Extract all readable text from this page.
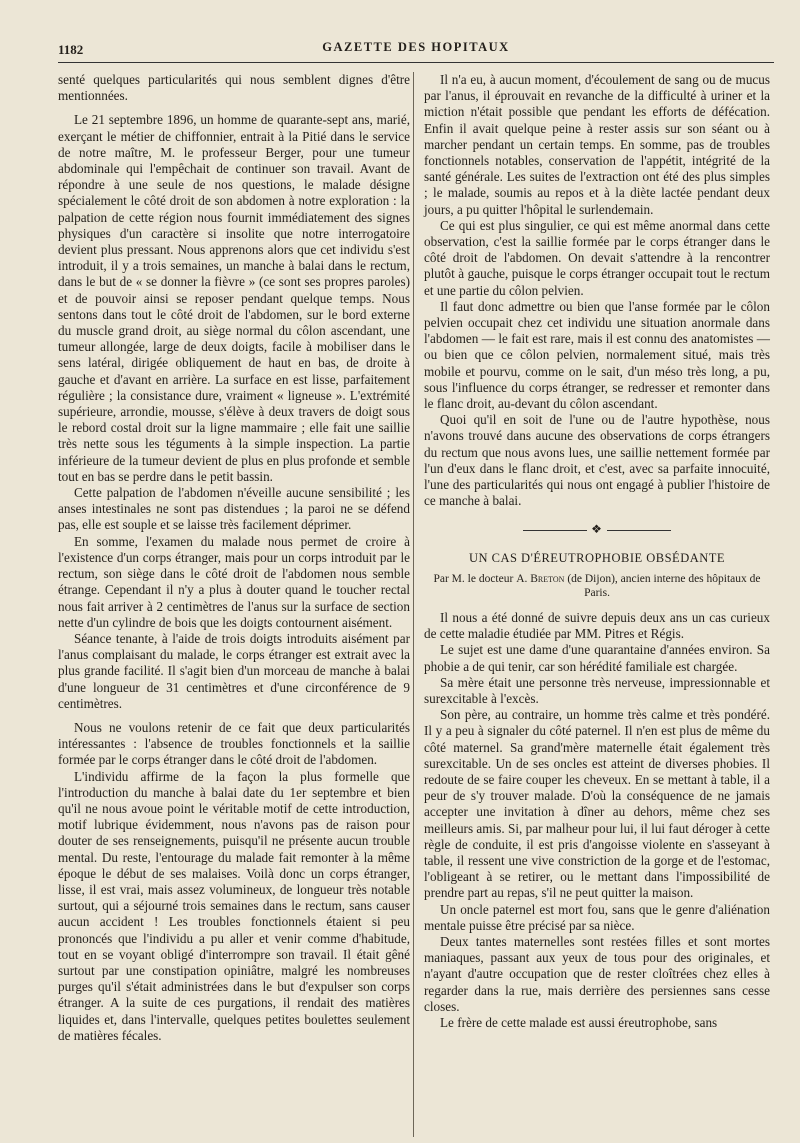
1182	GAZETTE DES HOPITAUX

senté quelques particularités qui nous semblent dignes d'être mentionnées.

Le 21 septembre 1896, un homme de quarante-sept ans, marié, exerçant le métier de chiffonnier, entrait à la Pitié dans le service de notre maître, M. le professeur Berger, pour une tumeur abdominale qui l'empêchait de continuer son travail. Avant de répondre à une seule de nos questions, le malade désigne spécialement le côté droit de son abdomen à notre exploration : la palpation de cette région nous fournit immédiatement des signes physiques d'un caractère si insolite que notre interrogatoire devient plus pressant. Nous apprenons alors que cet individu s'est introduit, il y a trois semaines, un manche à balai dans le rectum, dans le but de « se donner la fièvre » (ce sont ses propres paroles) et de pouvoir ainsi se reposer pendant quelque temps. Nous sentons dans tout le côté droit de l'abdomen, sur le bord externe du muscle grand droit, au siège normal du côlon ascendant, une tumeur allongée, large de deux doigts, facile à mobiliser dans le sens latéral, dirigée obliquement de haut en bas, de droite à gauche et d'avant en arrière. La surface en est lisse, parfaitement régulière ; la consistance dure, vraiment « ligneuse ». L'extrémité supérieure, arrondie, mousse, s'élève à deux travers de doigt sous le rebord costal droit sur la ligne mammaire ; elle fait une saillie très nette sous les téguments à la simple inspection. La partie inférieure de la tumeur devient de plus en plus profonde et semble tout en bas se perdre dans le petit bassin.

Cette palpation de l'abdomen n'éveille aucune sensibilité ; les anses intestinales ne sont pas distendues ; la paroi ne se défend pas, elle est souple et se laisse très facilement déprimer.

En somme, l'examen du malade nous permet de croire à l'existence d'un corps étranger, mais pour un corps introduit par le rectum, son siège dans le côté droit de l'abdomen nous semble étrange. Cependant il n'y a plus à douter quand le toucher rectal nous fait arriver à 2 centimètres de l'anus sur la surface de section nette d'un cylindre de bois que les doigts contournent aisément.

Séance tenante, à l'aide de trois doigts introduits aisément par l'anus complaisant du malade, le corps étranger est extrait avec la plus grande facilité. Il s'agit bien d'un morceau de manche à balai d'une longueur de 31 centimètres et d'une circonférence de 9 centimètres.

Nous ne voulons retenir de ce fait que deux particularités intéressantes : l'absence de troubles fonctionnels et la saillie formée par le corps étranger dans le côté droit de l'abdomen.

L'individu affirme de la façon la plus formelle que l'introduction du manche à balai date du 1er septembre et bien qu'il ne nous avoue point le véritable motif de cette introduction, motif lubrique évidemment, nous n'avons pas de raison pour douter de ses renseignements, puisqu'il ne présente aucun trouble mental. Du reste, l'entourage du malade fait remonter à la même époque le début de ses malaises. Voilà donc un corps étranger, lisse, il est vrai, mais assez volumineux, de longueur très notable surtout, qui a séjourné trois semaines dans le rectum, sans causer aucun accident ! Les troubles fonctionnels étaient si peu prononcés que l'individu a pu aller et venir comme d'habitude, tout en se voyant obligé d'interrompre son travail. Il était gêné surtout par une constipation opiniâtre, malgré les nombreuses purges qu'il s'était administrées dans le but d'expulser son corps étranger. A la suite de ces purgations, il rendait des matières liquides et, dans l'intervalle, quelques petites boulettes seulement de matières fécales.

Il n'a eu, à aucun moment, d'écoulement de sang ou de mucus par l'anus, il éprouvait en revanche de la difficulté à uriner et la miction n'était possible que pendant les efforts de défécation. Enfin il avait quelque peine à rester assis sur son séant ou à marcher pendant un certain temps. En somme, pas de troubles fonctionnels notables, conservation de l'appétit, intégrité de la santé générale. Les suites de l'extraction ont été des plus simples ; le malade, soumis au repos et à la diète lactée pendant deux jours, a pu quitter l'hôpital le surlendemain.

Ce qui est plus singulier, ce qui est même anormal dans cette observation, c'est la saillie formée par le corps étranger dans le côté droit de l'abdomen. On devait s'attendre à la rencontrer plutôt à gauche, puisque le corps étranger occupait tout le rectum et une partie du côlon pelvien.

Il faut donc admettre ou bien que l'anse formée par le côlon pelvien occupait chez cet individu une situation anormale dans l'abdomen — le fait est rare, mais il est connu des anatomistes — ou bien que ce côlon pelvien, normalement situé, mais très mobile et pourvu, comme on le sait, d'un méso très long, a pu, sous l'influence du corps étranger, se redresser et remonter dans le flanc droit, au-devant du côlon ascendant.

Quoi qu'il en soit de l'une ou de l'autre hypothèse, nous n'avons trouvé dans aucune des observations de corps étrangers du rectum que nous avons lues, une saillie nettement formée par l'un d'eux dans le flanc droit, et c'est, avec sa parfaite innocuité, l'une des particularités qui nous ont engagé à publier l'histoire de ce manche à balai.

❖
UN CAS D'ÉREUTROPHOBIE OBSÉDANTE
Par M. le docteur A. Breton (de Dijon), ancien interne des hôpitaux de Paris.

Il nous a été donné de suivre depuis deux ans un cas curieux de cette maladie étudiée par MM. Pitres et Régis.

Le sujet est une dame d'une quarantaine d'années environ. Sa phobie a de qui tenir, car son hérédité familiale est chargée.

Sa mère était une personne très nerveuse, impressionnable et surexcitable à l'excès.

Son père, au contraire, un homme très calme et très pondéré. Il y a peu à signaler du côté paternel. Il n'en est plus de même du côté maternel. Sa grand'mère maternelle était également très surexcitable. Un de ses oncles est atteint de diverses phobies. Il redoute de se faire couper les cheveux. En se mettant à table, il a peur de s'y trouver malade. D'où la conséquence de ne jamais accepter une invitation à dîner au dehors, même chez ses meilleurs amis. Si, par malheur pour lui, il lui faut déroger à cette règle de conduite, il est pris d'angoisse violente en s'asseyant à table, il ressent une vive constriction de la gorge et de l'estomac, l'obligeant à se retirer, ou le mettant dans l'impossibilité de prendre part au repas, s'il ne peut quitter la maison.

Un oncle paternel est mort fou, sans que le genre d'aliénation mentale puisse être précisé par sa nièce.

Deux tantes maternelles sont restées filles et sont mortes maniaques, passant aux yeux de tous pour des originales, et n'ayant d'autre occupation que de rester cloîtrées chez elles à regarder dans la rue, mais derrière des persiennes sans cesse closes.

Le frère de cette malade est aussi éreutrophobe, sans
